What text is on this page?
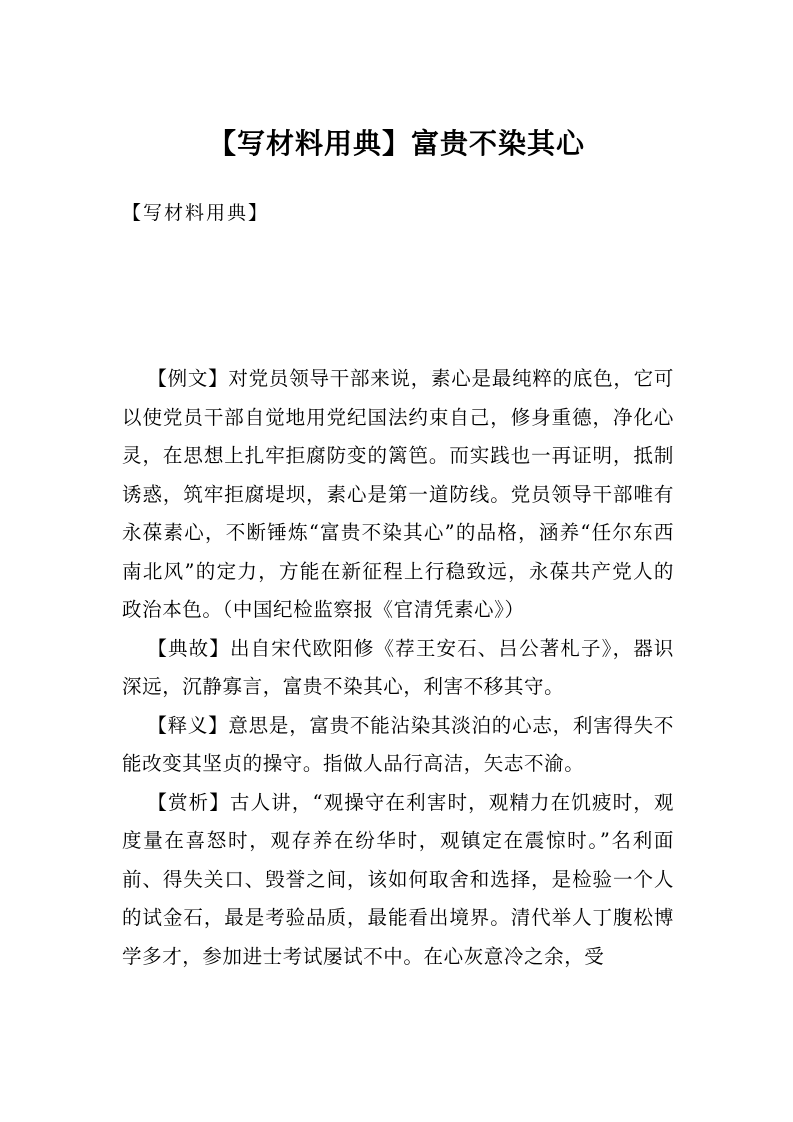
【写材料用典】富贵不染其心

【写材料用典】

【例文】对党员领导干部来说，素心是最纯粹的底色，它可以使党员干部自觉地用党纪国法约束自己，修身重德，净化心灵，在思想上扎牢拒腐防变的篱笆。而实践也一再证明，抵制诱惑，筑牢拒腐堤坝，素心是第一道防线。党员领导干部唯有永葆素心，不断锤炼“富贵不染其心”的品格，涵养“任尔东西南北风”的定力，方能在新征程上行稳致远，永葆共产党人的政治本色。（中国纪检监察报《官清凭素心》）

【典故】出自宋代欧阳修《荐王安石、吕公著札子》，器识深远，沉静寡言，富贵不染其心，利害不移其守。

【释义】意思是，富贵不能沾染其淡泊的心志，利害得失不能改变其坚贞的操守。指做人品行高洁，矢志不渝。

【赏析】古人讲，“观操守在利害时，观精力在饥疲时，观度量在喜怒时，观存养在纷华时，观镇定在震惊时。”名利面前、得失关口、毁誉之间，该如何取舍和选择，是检验一个人的试金石，最是考验品质，最能看出境界。清代举人丁腹松博学多才，参加进士考试屡试不中。在心灰意冷之余，受
